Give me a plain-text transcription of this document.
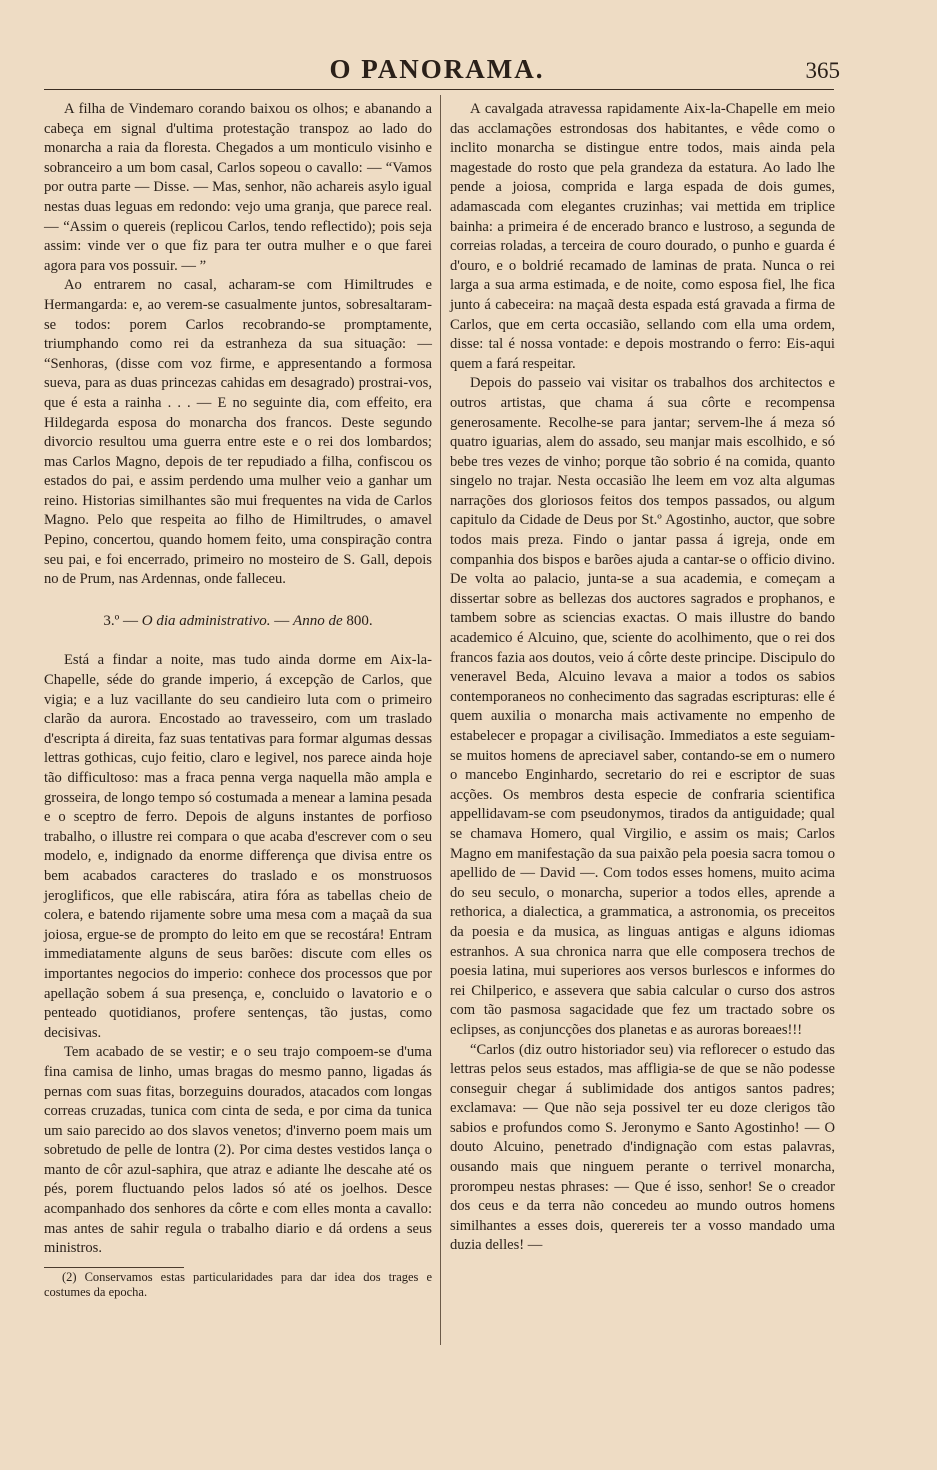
O PANORAMA.	365

A filha de Vindemaro corando baixou os olhos; e abanando a cabeça em signal d'ultima protestação transpoz ao lado do monarcha a raia da floresta. Chegados a um monticulo visinho e sobranceiro a um bom casal, Carlos sopeou o cavallo: — “Vamos por outra parte — Disse. — Mas, senhor, não achareis asylo igual nestas duas leguas em redondo: vejo uma granja, que parece real. — “Assim o quereis (replicou Carlos, tendo reflectido); pois seja assim: vinde ver o que fiz para ter outra mulher e o que farei agora para vos possuir. — ”

Ao entrarem no casal, acharam-se com Himiltrudes e Hermangarda: e, ao verem-se casualmente juntos, sobresaltaram-se todos: porem Carlos recobrando-se promptamente, triumphando como rei da estranheza da sua situação: — “Senhoras, (disse com voz firme, e appresentando a formosa sueva, para as duas princezas cahidas em desagrado) prostrai-vos, que é esta a rainha . . . — E no seguinte dia, com effeito, era Hildegarda esposa do monarcha dos francos. Deste segundo divorcio resultou uma guerra entre este e o rei dos lombardos; mas Carlos Magno, depois de ter repudiado a filha, confiscou os estados do pai, e assim perdendo uma mulher veio a ganhar um reino. Historias similhantes são mui frequentes na vida de Carlos Magno. Pelo que respeita ao filho de Himiltrudes, o amavel Pepino, concertou, quando homem feito, uma conspiração contra seu pai, e foi encerrado, primeiro no mosteiro de S. Gall, depois no de Prum, nas Ardennas, onde falleceu.

3.º — O dia administrativo. — Anno de 800.

Está a findar a noite, mas tudo ainda dorme em Aix-la-Chapelle, séde do grande imperio, á excepção de Carlos, que vigia; e a luz vacillante do seu candieiro luta com o primeiro clarão da aurora. Encostado ao travesseiro, com um traslado d'escripta á direita, faz suas tentativas para formar algumas dessas lettras gothicas, cujo feitio, claro e legivel, nos parece ainda hoje tão difficultoso: mas a fraca penna verga naquella mão ampla e grosseira, de longo tempo só costumada a menear a lamina pesada e o sceptro de ferro. Depois de alguns instantes de porfioso trabalho, o illustre rei compara o que acaba d'escrever com o seu modelo, e, indignado da enorme differença que divisa entre os bem acabados caracteres do traslado e os monstruosos jeroglificos, que elle rabiscára, atira fóra as tabellas cheio de colera, e batendo rijamente sobre uma mesa com a maçaã da sua joiosa, ergue-se de prompto do leito em que se recostára! Entram immediatamente alguns de seus barões: discute com elles os importantes negocios do imperio: conhece dos processos que por apellação sobem á sua presença, e, concluido o lavatorio e o penteado quotidianos, profere sentenças, tão justas, como decisivas.

Tem acabado de se vestir; e o seu trajo compoem-se d'uma fina camisa de linho, umas bragas do mesmo panno, ligadas ás pernas com suas fitas, borzeguins dourados, atacados com longas correas cruzadas, tunica com cinta de seda, e por cima da tunica um saio parecido ao dos slavos venetos; d'inverno poem mais um sobretudo de pelle de lontra (2). Por cima destes vestidos lança o manto de côr azul-saphira, que atraz e adiante lhe descahe até os pés, porem fluctuando pelos lados só até os joelhos. Desce acompanhado dos senhores da côrte e com elles monta a cavallo: mas antes de sahir regula o trabalho diario e dá ordens a seus ministros.

(2) Conservamos estas particularidades para dar idea dos trages e costumes da epocha.

A cavalgada atravessa rapidamente Aix-la-Chapelle em meio das acclamações estrondosas dos habitantes, e vêde como o inclito monarcha se distingue entre todos, mais ainda pela magestade do rosto que pela grandeza da estatura. Ao lado lhe pende a joiosa, comprida e larga espada de dois gumes, adamascada com elegantes cruzinhas; vai mettida em triplice bainha: a primeira é de encerado branco e lustroso, a segunda de correias roladas, a terceira de couro dourado, o punho e guarda é d'ouro, e o boldrié recamado de laminas de prata. Nunca o rei larga a sua arma estimada, e de noite, como esposa fiel, lhe fica junto á cabeceira: na maçaã desta espada está gravada a firma de Carlos, que em certa occasião, sellando com ella uma ordem, disse: tal é nossa vontade: e depois mostrando o ferro: Eis-aqui quem a fará respeitar.

Depois do passeio vai visitar os trabalhos dos architectos e outros artistas, que chama á sua côrte e recompensa generosamente. Recolhe-se para jantar; servem-lhe á meza só quatro iguarias, alem do assado, seu manjar mais escolhido, e só bebe tres vezes de vinho; porque tão sobrio é na comida, quanto singelo no trajar. Nesta occasião lhe leem em voz alta algumas narrações dos gloriosos feitos dos tempos passados, ou algum capitulo da Cidade de Deus por St.º Agostinho, auctor, que sobre todos mais preza. Findo o jantar passa á igreja, onde em companhia dos bispos e barões ajuda a cantar-se o officio divino. De volta ao palacio, junta-se a sua academia, e começam a dissertar sobre as bellezas dos auctores sagrados e prophanos, e tambem sobre as sciencias exactas. O mais illustre do bando academico é Alcuino, que, sciente do acolhimento, que o rei dos francos fazia aos doutos, veio á côrte deste principe. Discipulo do veneravel Beda, Alcuino levava a maior a todos os sabios contemporaneos no conhecimento das sagradas escripturas: elle é quem auxilia o monarcha mais activamente no empenho de estabelecer e propagar a civilisação. Immediatos a este seguiam-se muitos homens de apreciavel saber, contando-se em o numero o mancebo Enginhardo, secretario do rei e escriptor de suas acções. Os membros desta especie de confraria scientifica appellidavam-se com pseudonymos, tirados da antiguidade; qual se chamava Homero, qual Virgilio, e assim os mais; Carlos Magno em manifestação da sua paixão pela poesia sacra tomou o apellido de — David —. Com todos esses homens, muito acima do seu seculo, o monarcha, superior a todos elles, aprende a rethorica, a dialectica, a grammatica, a astronomia, os preceitos da poesia e da musica, as linguas antigas e alguns idiomas estranhos. A sua chronica narra que elle composera trechos de poesia latina, mui superiores aos versos burlescos e informes do rei Chilperico, e assevera que sabia calcular o curso dos astros com tão pasmosa sagacidade que fez um tractado sobre os eclipses, as conjuncções dos planetas e as auroras boreaes!!!

“Carlos (diz outro historiador seu) via reflorecer o estudo das lettras pelos seus estados, mas affligia-se de que se não podesse conseguir chegar á sublimidade dos antigos santos padres; exclamava: — Que não seja possivel ter eu doze clerigos tão sabios e profundos como S. Jeronymo e Santo Agostinho! — O douto Alcuino, penetrado d'indignação com estas palavras, ousando mais que ninguem perante o terrivel monarcha, prorompeu nestas phrases: — Que é isso, senhor! Se o creador dos ceus e da terra não concedeu ao mundo outros homens similhantes a esses dois, querereis ter a vosso mandado uma duzia delles! —
